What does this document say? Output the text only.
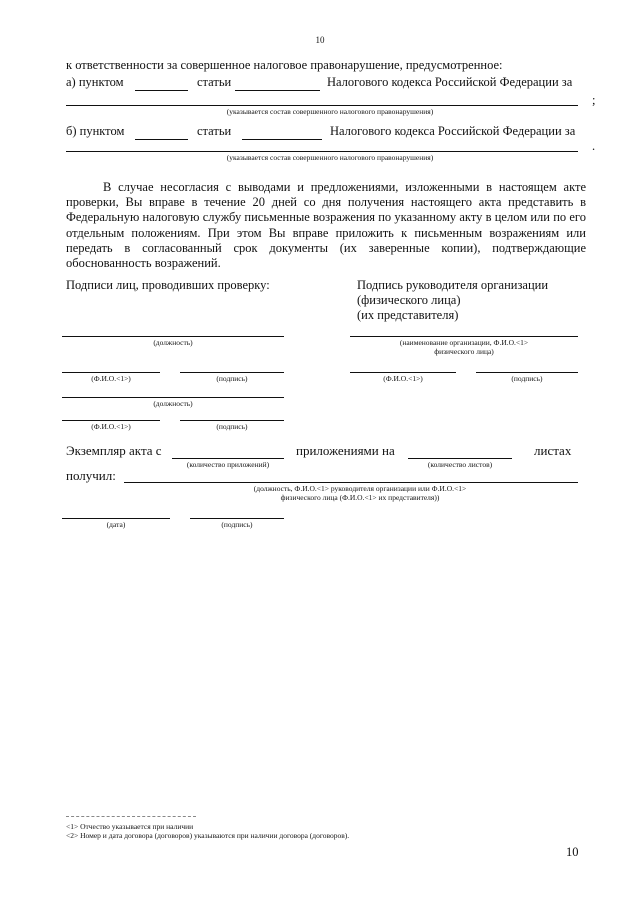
10
к ответственности за совершенное налоговое правонарушение, предусмотренное:
а) пунктом	статьи	Налогового кодекса Российской Федерации за
;
(указывается состав совершенного налогового правонарушения)
б) пунктом	статьи	Налогового кодекса Российской Федерации за
.
(указывается состав совершенного налогового правонарушения)
В случае несогласия с выводами и предложениями, изложенными в настоящем акте проверки, Вы вправе в течение 20 дней со дня получения настоящего акта представить в Федеральную налоговую службу письменные возражения по указанному акту в целом или по его отдельным положениям. При этом Вы вправе приложить к письменным возражениям или передать в согласованный срок документы (их заверенные копии), подтверждающие обоснованность возражений.
Подписи лиц, проводивших проверку:	Подпись руководителя организации
(физического лица)
(их представителя)
(должность)
(Ф.И.О.<1>)	(подпись)
(должность)
(Ф.И.О.<1>)	(подпись)
(наименование организации, Ф.И.О.<1>
физического лица)
(Ф.И.О.<1>)	(подпись)
Экземпляр акта с	приложениями на	листах
(количество приложений)	(количество листов)
получил:
(должность, Ф.И.О.<1> руководителя организации или Ф.И.О.<1>
физического лица (Ф.И.О.<1> их представителя))
(дата)	(подпись)
<1> Отчество указывается при наличии
<2> Номер и дата договора (договоров) указываются при наличии договора (договоров).
10
